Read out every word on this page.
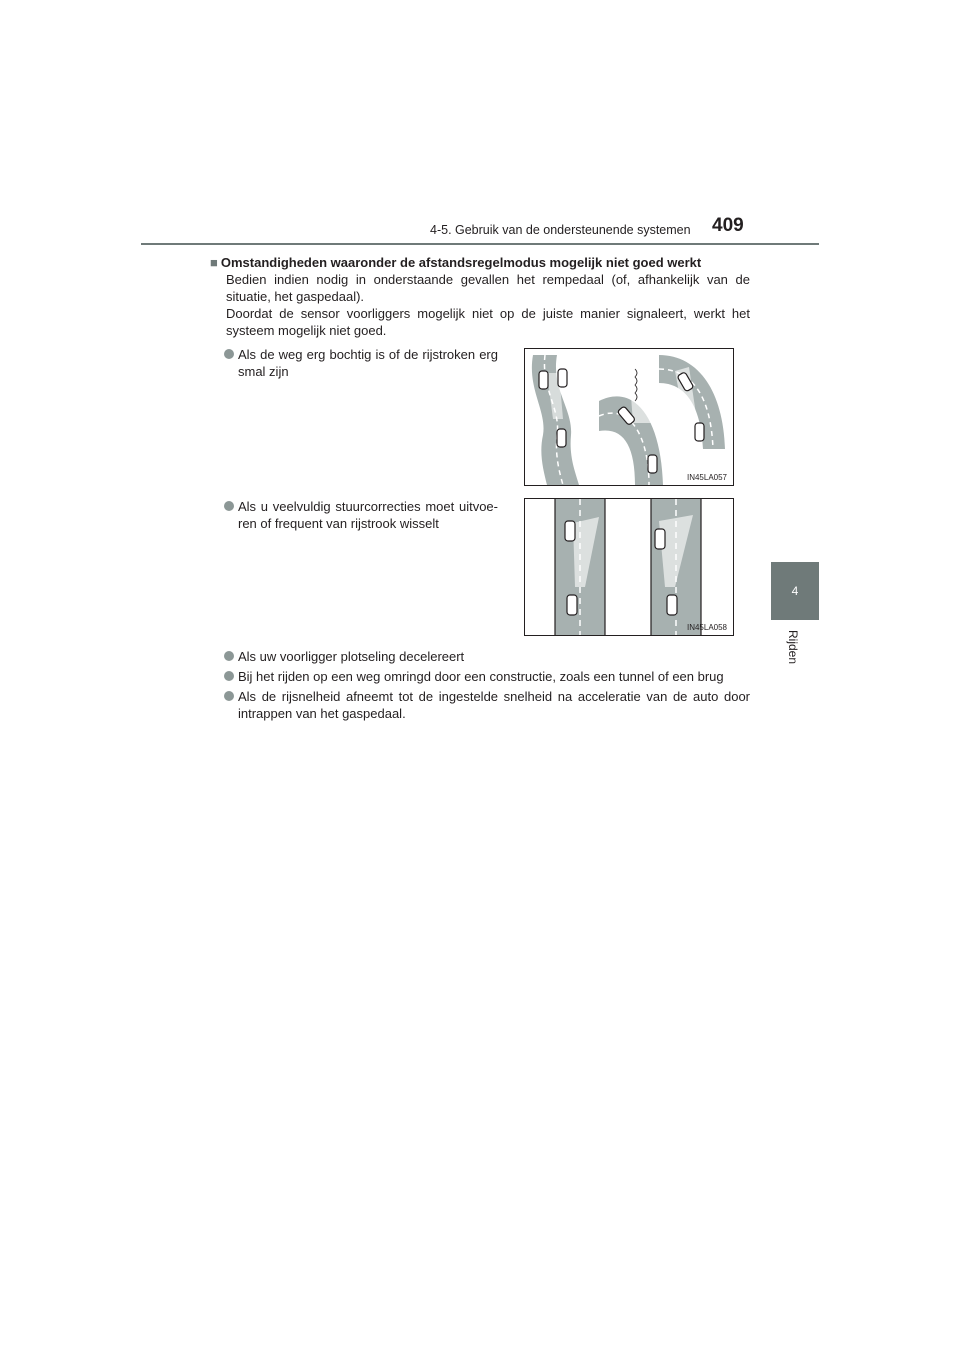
4-5. Gebruik van de ondersteunende systemen 409
4
Rijden
■ Omstandigheden waaronder de afstandsregelmodus mogelijk niet goed werkt
Bedien indien nodig in onderstaande gevallen het rempedaal (of, afhankelijk van de situatie, het gaspedaal).
Doordat de sensor voorliggers mogelijk niet op de juiste manier signaleert, werkt het systeem mogelijk niet goed.
Als de weg erg bochtig is of de rijstroken erg smal zijn
Als u veelvuldig stuurcorrecties moet uitvoe-ren of frequent van rijstrook wisselt
Als uw voorligger plotseling decelereert
Bij het rijden op een weg omringd door een constructie, zoals een tunnel of een brug
Als de rijsnelheid afneemt tot de ingestelde snelheid na acceleratie van de auto door intrappen van het gaspedaal.
IN45LA057
IN45LA058
